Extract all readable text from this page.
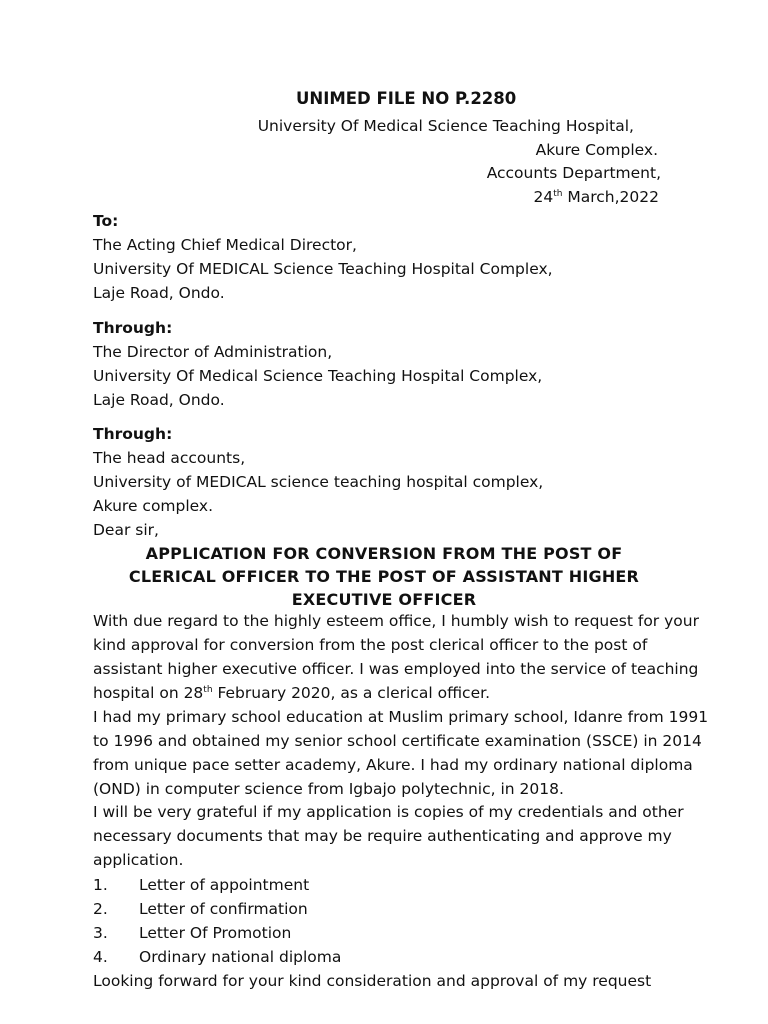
UNIMED FILE NO P.2280
University Of Medical Science Teaching Hospital,
Akure Complex.
Accounts Department,
24th March,2022
To:
The Acting Chief Medical Director,
University Of MEDICAL Science Teaching Hospital Complex,
Laje Road, Ondo.
Through:
The Director of Administration,
University Of Medical Science Teaching Hospital Complex,
Laje Road, Ondo.
Through:
The head accounts,
University of MEDICAL science teaching hospital complex,
Akure complex.
Dear sir,
APPLICATION FOR CONVERSION FROM THE POST OF
CLERICAL OFFICER TO THE POST OF ASSISTANT HIGHER
EXECUTIVE OFFICER
With due regard to the highly esteem office, I humbly wish to request for your
kind approval for conversion from the post clerical officer to the post of
assistant higher executive officer. I was employed into the service of teaching
hospital on 28th February 2020, as a clerical officer.
I had my primary school education at Muslim primary school, Idanre from 1991
to 1996 and obtained my senior school certificate examination (SSCE) in 2014
from unique pace setter academy, Akure. I had my ordinary national diploma
(OND) in computer science from Igbajo polytechnic, in 2018.
I will be very grateful if my application is copies of my credentials and other
necessary documents that may be require authenticating and approve my
application.
1. Letter of appointment
2. Letter of confirmation
3. Letter Of Promotion
4. Ordinary national diploma
Looking forward for your kind consideration and approval of my request
